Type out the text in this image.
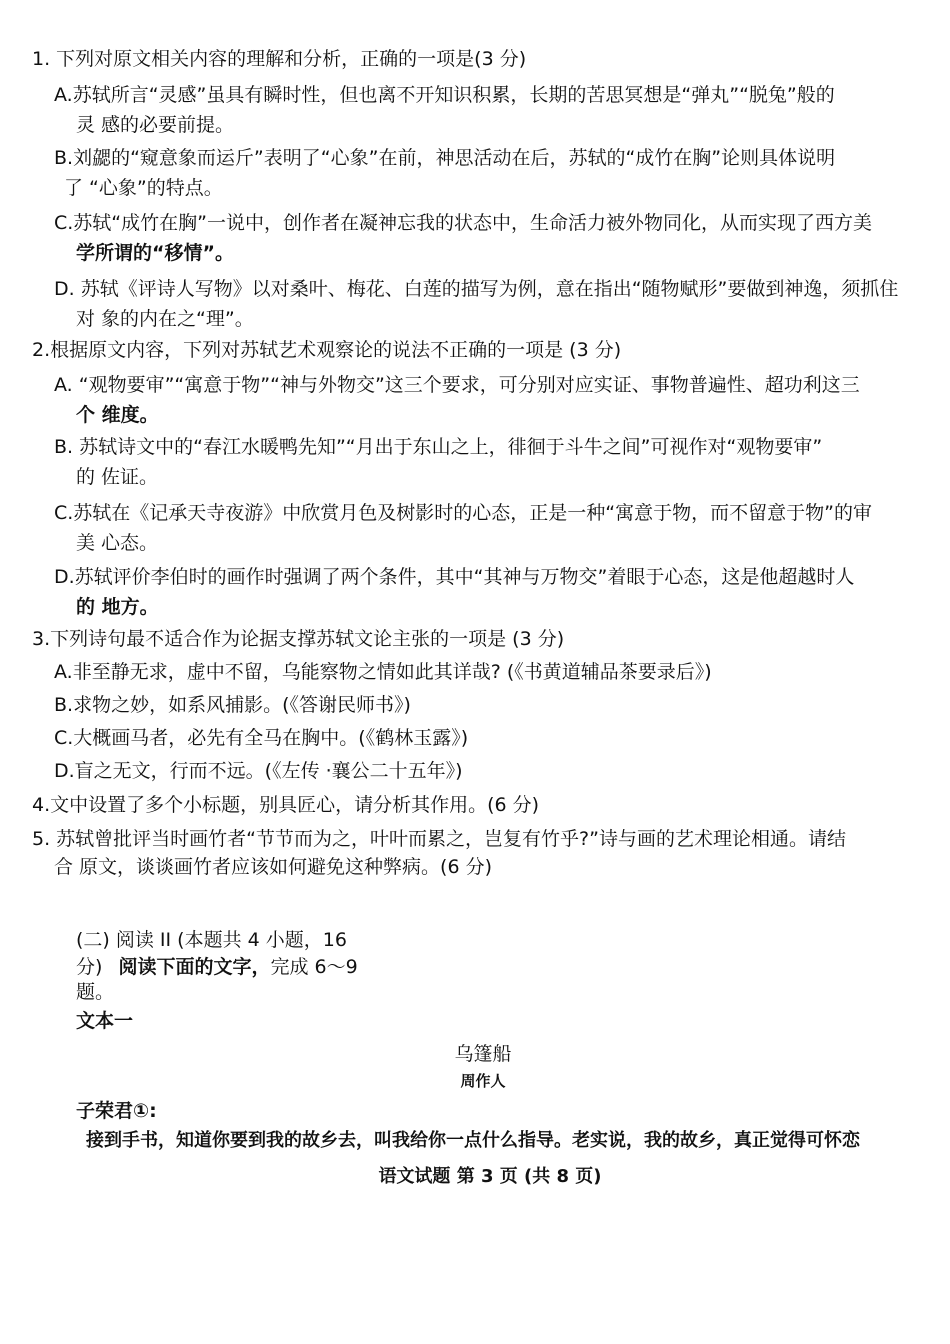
1. 下列对原文相关内容的理解和分析，正确的一项是(3 分)
A.苏轼所言“灵感”虽具有瞬时性，但也离不开知识积累，长期的苦思冥想是“弹丸”“脱兔”般的
灵 感的必要前提。
B.刘勰的“窥意象而运斤”表明了“心象”在前，神思活动在后，苏轼的“成竹在胸”论则具体说明
了 “心象”的特点。
C.苏轼“成竹在胸”一说中，创作者在凝神忘我的状态中，生命活力被外物同化，从而实现了西方美
学所谓的“移情”。
D. 苏轼《评诗人写物》以对桑叶、梅花、白莲的描写为例，意在指出“随物赋形”要做到神逸，须抓住
对 象的内在之“理”。
2.根据原文内容，下列对苏轼艺术观察论的说法不正确的一项是 (3 分)
A. “观物要审”“寓意于物”“神与外物交”这三个要求，可分别对应实证、事物普遍性、超功利这三
个 维度。
B. 苏轼诗文中的“春江水暖鸭先知”“月出于东山之上，徘徊于斗牛之间”可视作对“观物要审”
的 佐证。
C.苏轼在《记承天寺夜游》中欣赏月色及树影时的心态，正是一种“寓意于物，而不留意于物”的审
美 心态。
D.苏轼评价李伯时的画作时强调了两个条件，其中“其神与万物交”着眼于心态，这是他超越时人
的 地方。
3.下列诗句最不适合作为论据支撑苏轼文论主张的一项是 (3 分)
A.非至静无求，虚中不留，乌能察物之情如此其详哉? (《书黄道辅品茶要录后》)
B.求物之妙，如系风捕影。(《答谢民师书》)
C.大概画马者，必先有全马在胸中。(《鹤林玉露》)
D.盲之无文，行而不远。(《左传 ·襄公二十五年》)
4.文中设置了多个小标题，别具匠心，请分析其作用。(6 分)
5. 苏轼曾批评当时画竹者“节节而为之，叶叶而累之，岂复有竹乎?”诗与画的艺术理论相通。请结
合 原文，谈谈画竹者应该如何避免这种弊病。(6 分)
(二) 阅读 II (本题共 4 小题，16
分) 阅读下面的文字，完成 6～9
题。
文本一
乌篷船
周作人
子荣君①:
接到手书，知道你要到我的故乡去，叫我给你一点什么指导。老实说，我的故乡，真正觉得可怀恋
语文试题 第 3 页 (共 8 页)
